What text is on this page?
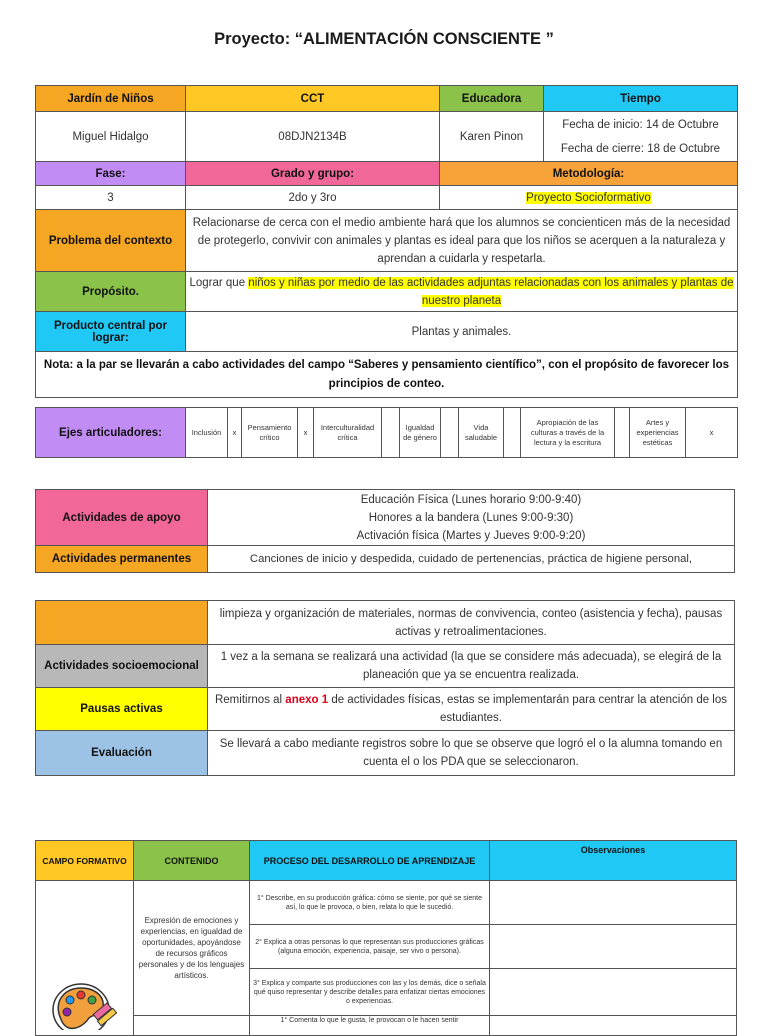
Proyecto: “ALIMENTACIÓN CONSCIENTE ”
Jardín de Niños	CCT	Educadora	Tiempo
Miguel Hidalgo	08DJN2134B	Karen Pinon	Fecha de inicio: 14 de Octubre
Fecha de cierre: 18 de Octubre

Fase:	Grado y grupo:	Metodología:	
3	2do y 3ro	Proyecto Socioformativo	
Problema del contexto	Relacionarse de cerca con el medio ambiente hará que los alumnos se concienticen más de la necesidad de protegerlo, convivir con animales y plantas es ideal para que los niños se acerquen a la naturaleza y aprendan a cuidarla y respetarla.		
Propósito.	Lograr que niños y niñas por medio de las actividades adjuntas relacionadas con los animales y plantas de nuestro planeta		
Producto central por lograr:	Plantas y animales.		
Nota: a la par se llevarán a cabo actividades del campo “Saberes y pensamiento científico”, con el propósito de favorecer los principios de conteo.			
Ejes articuladores:	Inclusión	x	Pensamiento crítico	x	Interculturalidad crítica		Igualdad de género		Vida saludable		Apropiación de las culturas a través de la lectura y la escritura		Artes y experiencias estéticas	x
Actividades de apoyo	Educación Física (Lunes horario 9:00-9:40)
Honores a la bandera (Lunes 9:00-9:30)
Activación física (Martes y Jueves 9:00-9:20)

Actividades permanentes	Canciones de inicio y despedida, cuidado de pertenencias, práctica de higiene personal,
	limpieza y organización de materiales, normas de convivencia, conteo (asistencia y fecha), pausas activas y retroalimentaciones.
Actividades socioemocional	1 vez a la semana se realizará una actividad (la que se considere más adecuada), se elegirá de la planeación que ya se encuentra realizada.
Pausas activas	Remitirnos al anexo 1 de actividades físicas, estas se implementarán para centrar la atención de los estudiantes.
Evaluación	Se llevará a cabo mediante registros sobre lo que se observe que logró el o la alumna tomando en cuenta el o los PDA que se seleccionaron.
CAMPO FORMATIVO	CONTENIDO	PROCESO DEL DESARROLLO DE APRENDIZAJE	Observaciones
	Expresión de emociones y experiencias, en igualdad de oportunidades, apoyándose de recursos gráficos personales y de los lenguajes artísticos.	1° Describe, en su producción gráfica: cómo se siente, por qué se siente así, lo que le provoca, o bien, relata lo que le sucedió.	
		2° Explica a otras personas lo que representan sus producciones gráficas (alguna emoción, experiencia, paisaje, ser vivo o persona).	
		3° Explica y comparte sus producciones con las y los demás, dice o señala qué quiso representar y describe detalles para enfatizar ciertas emociones o experiencias.	
		1° Comenta lo que le gusta, le provocan o le hacen sentir	
